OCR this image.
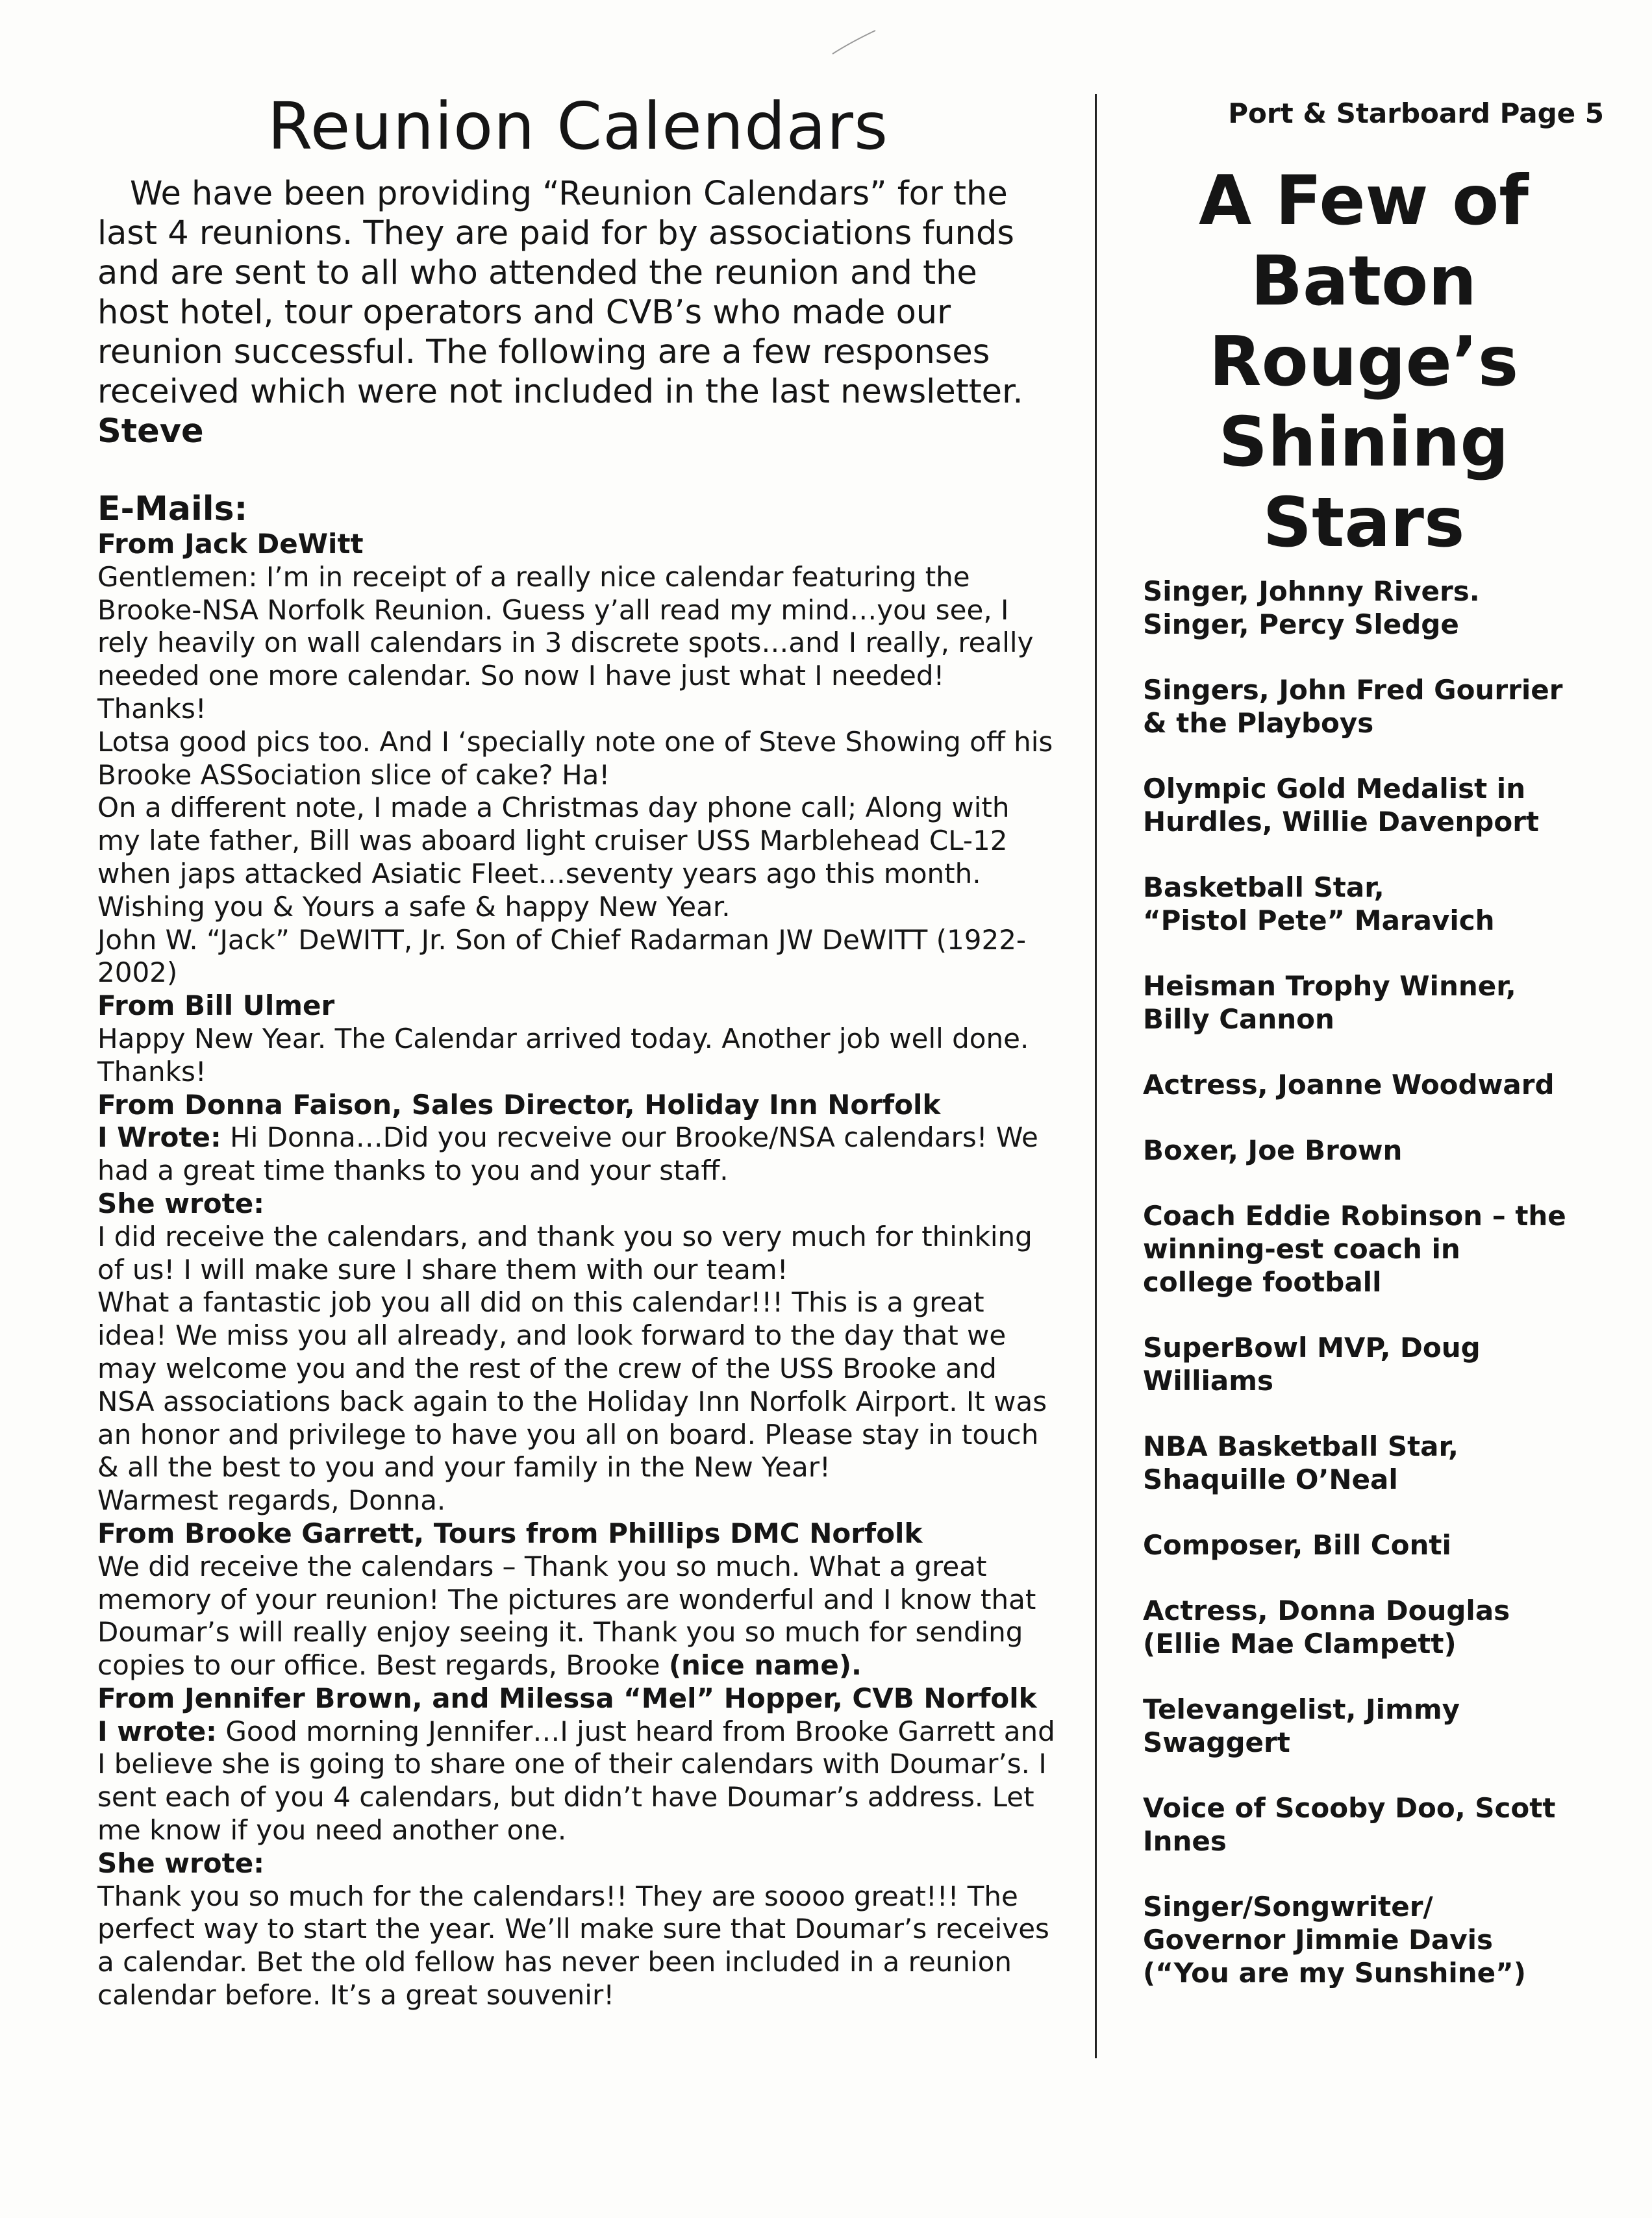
Reunion Calendars
We have been providing “Reunion Calendars” for the last 4 reunions. They are paid for by associations funds and are sent to all who attended the reunion and the host hotel, tour operators and CVB’s who made our reunion successful. The following are a few responses received which were not included in the last newsletter.
Steve
E-Mails:
From Jack DeWitt
Gentlemen: I’m in receipt of a really nice calendar featuring the Brooke-NSA Norfolk Reunion. Guess y’all read my mind…you see, I rely heavily on wall calendars in 3 discrete spots…and I really, really needed one more calendar. So now I have just what I needed! Thanks!
Lotsa good pics too. And I ‘specially note one of Steve Showing off his Brooke ASSociation slice of cake? Ha!
On a different note, I made a Christmas day phone call; Along with my late father, Bill was aboard light cruiser USS Marblehead CL-12 when japs attacked Asiatic Fleet…seventy years ago this month.
Wishing you & Yours a safe & happy New Year.
John W. “Jack” DeWITT, Jr. Son of Chief Radarman JW DeWITT (1922-2002)
From Bill Ulmer
Happy New Year. The Calendar arrived today. Another job well done. Thanks!
From Donna Faison, Sales Director, Holiday Inn Norfolk
I Wrote: Hi Donna…Did you recveive our Brooke/NSA calendars! We had a great time thanks to you and your staff.
She wrote:
I did receive the calendars, and thank you so very much for thinking of us! I will make sure I share them with our team!
What a fantastic job you all did on this calendar!!! This is a great idea! We miss you all already, and look forward to the day that we may welcome you and the rest of the crew of the USS Brooke and NSA associations back again to the Holiday Inn Norfolk Airport. It was an honor and privilege to have you all on board. Please stay in touch & all the best to you and your family in the New Year!
Warmest regards, Donna.
From Brooke Garrett, Tours from Phillips DMC Norfolk
We did receive the calendars – Thank you so much. What a great memory of your reunion! The pictures are wonderful and I know that Doumar’s will really enjoy seeing it. Thank you so much for sending copies to our office. Best regards, Brooke (nice name).
From Jennifer Brown, and Milessa “Mel” Hopper, CVB Norfolk
I wrote: Good morning Jennifer…I just heard from Brooke Garrett and I believe she is going to share one of their calendars with Doumar’s. I sent each of you 4 calendars, but didn’t have Doumar’s address. Let me know if you need another one.
She wrote:
Thank you so much for the calendars!! They are soooo great!!! The perfect way to start the year. We’ll make sure that Doumar’s receives a calendar. Bet the old fellow has never been included in a reunion calendar before. It’s a great souvenir!

Port & Starboard Page 5

A Few of
Baton
Rouge’s
Shining
Stars
Singer, Johnny Rivers.
Singer, Percy Sledge
Singers, John Fred Gourrier
& the Playboys
Olympic Gold Medalist in
Hurdles, Willie Davenport
Basketball Star,
“Pistol Pete” Maravich
Heisman Trophy Winner,
Billy Cannon
Actress, Joanne Woodward
Boxer, Joe Brown
Coach Eddie Robinson – the
winning-est coach in
college football
SuperBowl MVP, Doug
Williams
NBA Basketball Star,
Shaquille O’Neal
Composer, Bill Conti
Actress, Donna Douglas
(Ellie Mae Clampett)
Televangelist, Jimmy
Swaggert
Voice of Scooby Doo, Scott
Innes
Singer/Songwriter/
Governor Jimmie Davis
(“You are my Sunshine”)
